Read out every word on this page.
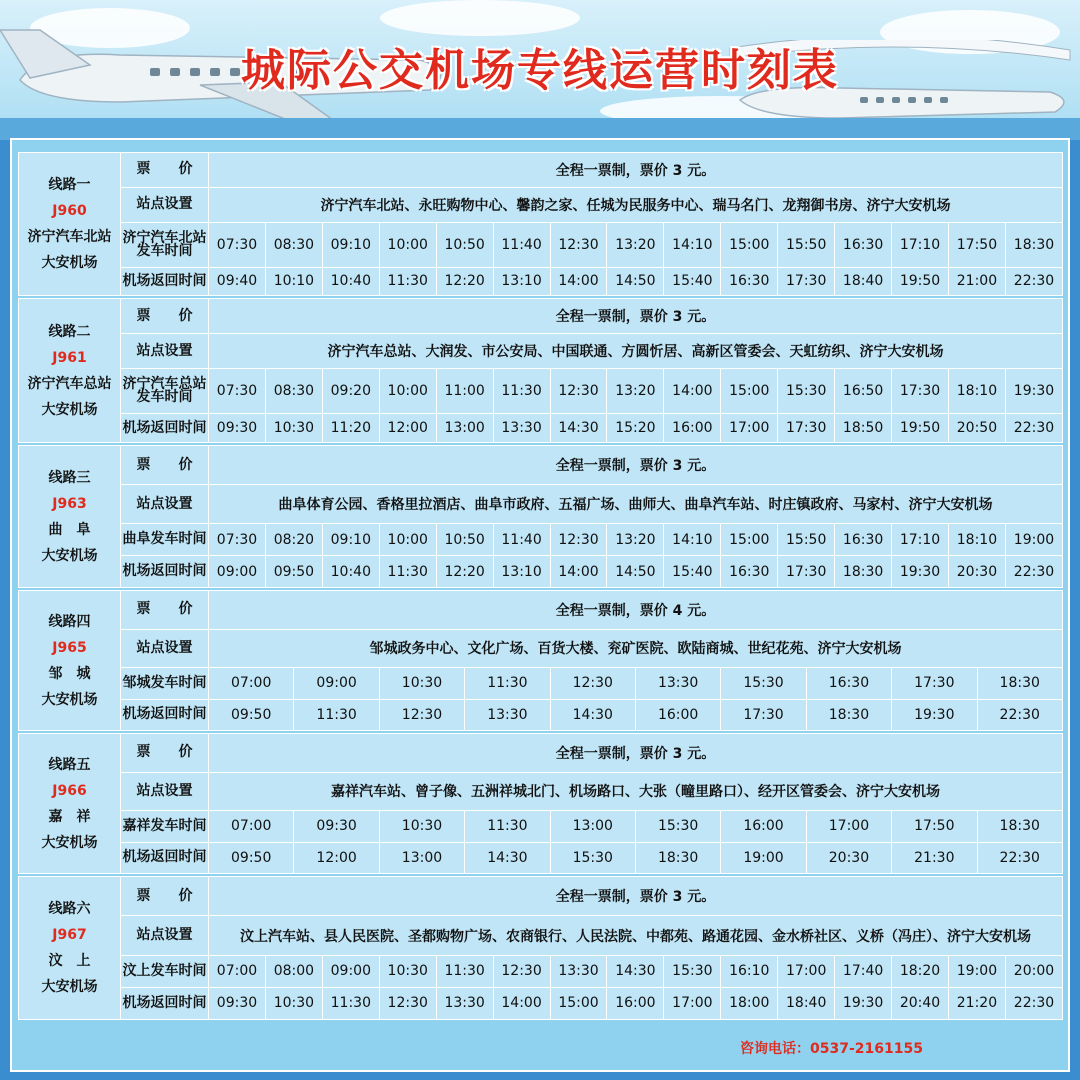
城际公交机场专线运营时刻表
线路一
J960
济宁汽车北站
大安机场	票　　价	全程一票制，票价 3 元。														
	站点设置	济宁汽车北站、永旺购物中心、馨韵之家、任城为民服务中心、瑞马名门、龙翔御书房、济宁大安机场														
	济宁汽车北站发车时间	07:30	08:30	09:10	10:00	10:50	11:40	12:30	13:20	14:10	15:00	15:50	16:30	17:10	17:50	18:30
	机场返回时间	09:40	10:10	10:40	11:30	12:20	13:10	14:00	14:50	15:40	16:30	17:30	18:40	19:50	21:00	22:30
线路二
J961
济宁汽车总站
大安机场	票　　价	全程一票制，票价 3 元。														
	站点设置	济宁汽车总站、大润发、市公安局、中国联通、方圆忻居、高新区管委会、天虹纺织、济宁大安机场														
	济宁汽车总站发车时间	07:30	08:30	09:20	10:00	11:00	11:30	12:30	13:20	14:00	15:00	15:30	16:50	17:30	18:10	19:30
	机场返回时间	09:30	10:30	11:20	12:00	13:00	13:30	14:30	15:20	16:00	17:00	17:30	18:50	19:50	20:50	22:30
线路三
J963
曲　阜
大安机场	票　　价	全程一票制，票价 3 元。														
	站点设置	曲阜体育公园、香格里拉酒店、曲阜市政府、五福广场、曲师大、曲阜汽车站、时庄镇政府、马家村、济宁大安机场														
	曲阜发车时间	07:30	08:20	09:10	10:00	10:50	11:40	12:30	13:20	14:10	15:00	15:50	16:30	17:10	18:10	19:00
	机场返回时间	09:00	09:50	10:40	11:30	12:20	13:10	14:00	14:50	15:40	16:30	17:30	18:30	19:30	20:30	22:30
线路四
J965
邹　城
大安机场	票　　价	全程一票制，票价 4 元。									
	站点设置	邹城政务中心、文化广场、百货大楼、兖矿医院、欧陆商城、世纪花苑、济宁大安机场									
	邹城发车时间	07:00	09:00	10:30	11:30	12:30	13:30	15:30	16:30	17:30	18:30
	机场返回时间	09:50	11:30	12:30	13:30	14:30	16:00	17:30	18:30	19:30	22:30
线路五
J966
嘉　祥
大安机场	票　　价	全程一票制，票价 3 元。									
	站点设置	嘉祥汽车站、曾子像、五洲祥城北门、机场路口、大张（疃里路口）、经开区管委会、济宁大安机场									
	嘉祥发车时间	07:00	09:30	10:30	11:30	13:00	15:30	16:00	17:00	17:50	18:30
	机场返回时间	09:50	12:00	13:00	14:30	15:30	18:30	19:00	20:30	21:30	22:30
线路六
J967
汶　上
大安机场	票　　价	全程一票制，票价 3 元。														
	站点设置	汶上汽车站、县人民医院、圣都购物广场、农商银行、人民法院、中都苑、路通花园、金水桥社区、义桥（冯庄）、济宁大安机场														
	汶上发车时间	07:00	08:00	09:00	10:30	11:30	12:30	13:30	14:30	15:30	16:10	17:00	17:40	18:20	19:00	20:00
	机场返回时间	09:30	10:30	11:30	12:30	13:30	14:00	15:00	16:00	17:00	18:00	18:40	19:30	20:40	21:20	22:30
咨询电话：0537-2161155
